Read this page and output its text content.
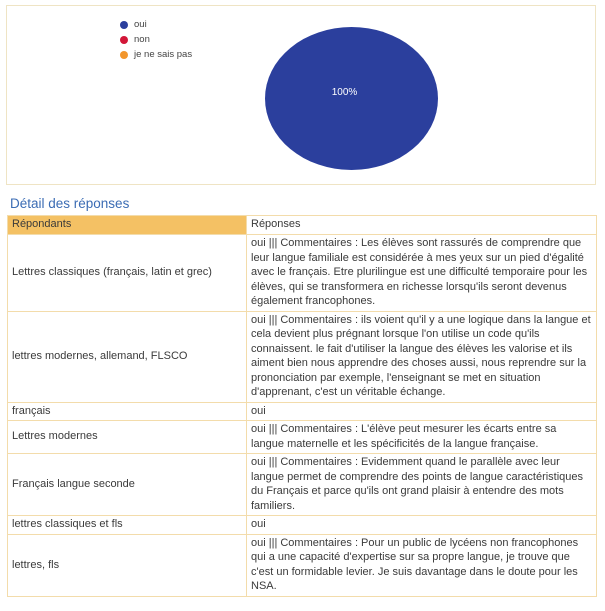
oui
non
je ne sais pas
100%
Détail des réponses
Répondants	Réponses
Lettres classiques (français, latin et grec)	oui ||| Commentaires : Les élèves sont rassurés de comprendre que leur langue familiale est considérée à mes yeux sur un pied d'égalité avec le français. Etre plurilingue est une difficulté temporaire pour les élèves, qui se transformera en richesse lorsqu'ils seront devenus également francophones.
lettres modernes, allemand, FLSCO	oui ||| Commentaires : ils voient qu'il y a une logique dans la langue et cela devient plus prégnant lorsque l'on utilise un code qu'ils connaissent. le fait d'utiliser la langue des élèves les valorise et ils aiment bien nous apprendre des choses aussi, nous reprendre sur la prononciation par exemple, l'enseignant se met en situation d'apprenant, c'est un véritable échange.
français	oui
Lettres modernes	oui ||| Commentaires : L'élève peut mesurer les écarts entre sa langue maternelle et les spécificités de la langue française.
Français langue seconde	oui ||| Commentaires : Evidemment quand le parallèle avec leur langue permet de comprendre des points de langue caractéristiques du Français et parce qu'ils ont grand plaisir à entendre des mots familiers.
lettres classiques et fls	oui
lettres, fls	oui ||| Commentaires : Pour un public de lycéens non francophones qui a une capacité d'expertise sur sa propre langue, je trouve que c'est un formidable levier. Je suis davantage dans le doute pour les NSA.
